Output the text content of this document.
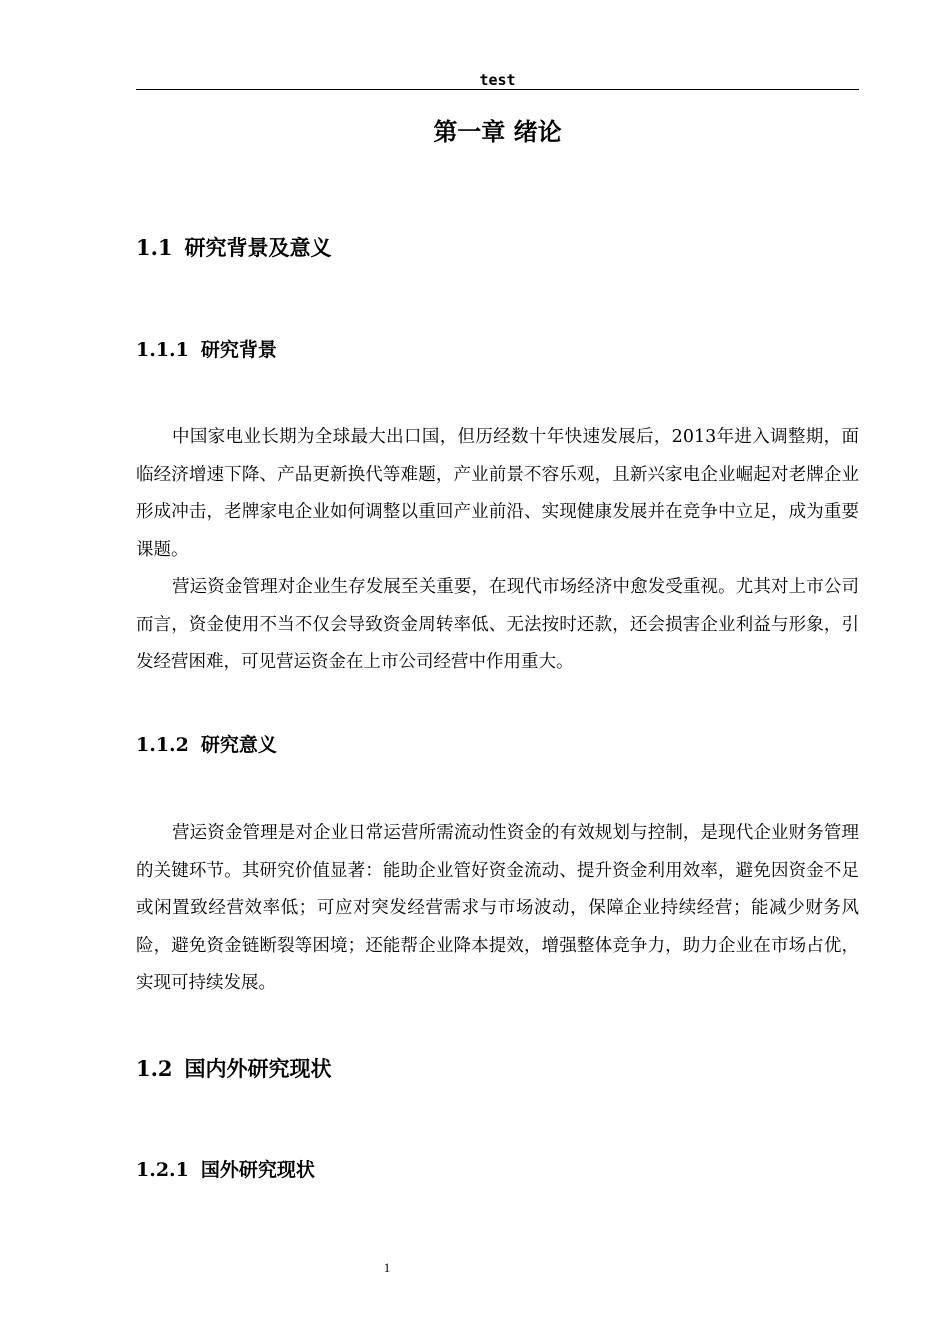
test
第一章 绪论
1.1 研究背景及意义
1.1.1 研究背景

中国家电业长期为全球最大出口国，但历经数十年快速发展后，2013年进入调整期，面临经济增速下降、产品更新换代等难题，产业前景不容乐观，且新兴家电企业崛起对老牌企业形成冲击，老牌家电企业如何调整以重回产业前沿、实现健康发展并在竞争中立足，成为重要课题。

营运资金管理对企业生存发展至关重要，在现代市场经济中愈发受重视。尤其对上市公司而言，资金使用不当不仅会导致资金周转率低、无法按时还款，还会损害企业利益与形象，引发经营困难，可见营运资金在上市公司经营中作用重大。

1.1.2 研究意义

营运资金管理是对企业日常运营所需流动性资金的有效规划与控制，是现代企业财务管理的关键环节。其研究价值显著：能助企业管好资金流动、提升资金利用效率，避免因资金不足或闲置致经营效率低；可应对突发经营需求与市场波动，保障企业持续经营；能减少财务风险，避免资金链断裂等困境；还能帮企业降本提效，增强整体竞争力，助力企业在市场占优，实现可持续发展。

1.2 国内外研究现状
1.2.1 国外研究现状
1
